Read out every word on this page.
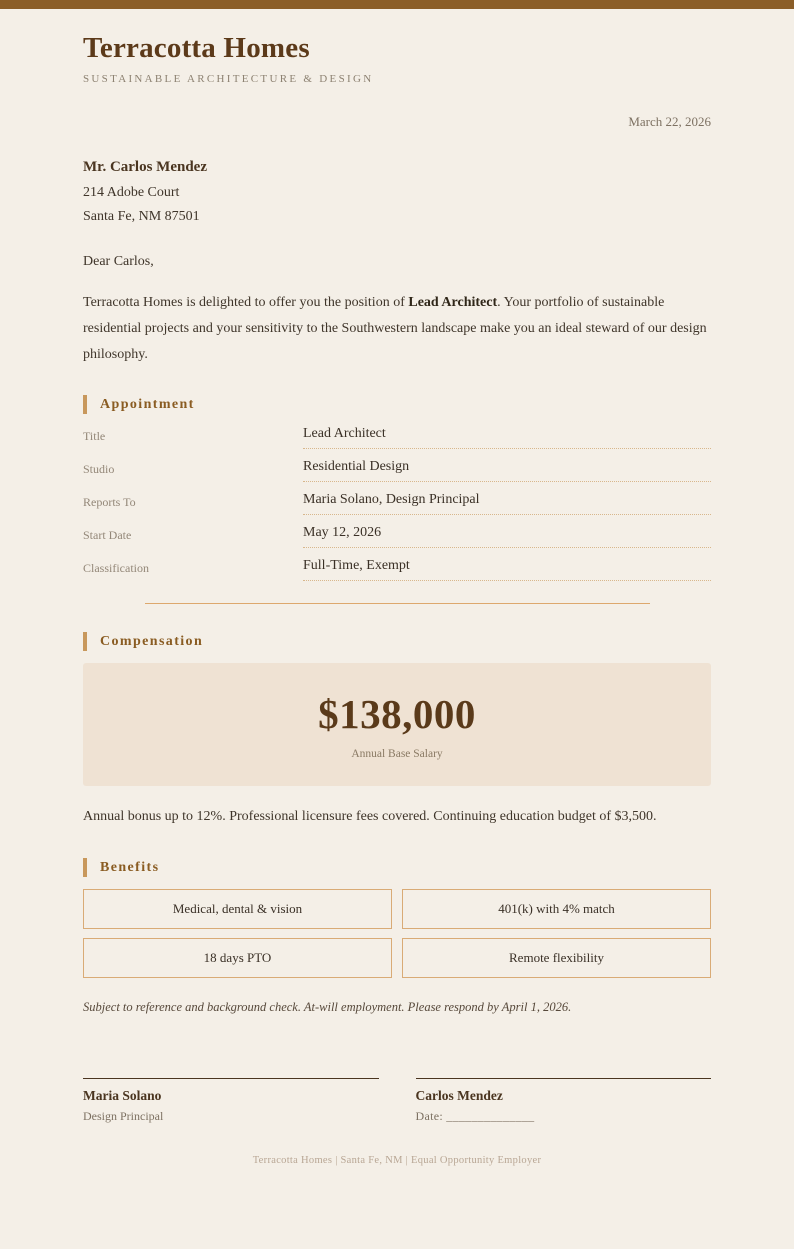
Terracotta Homes
SUSTAINABLE ARCHITECTURE & DESIGN
March 22, 2026
Mr. Carlos Mendez
214 Adobe Court
Santa Fe, NM 87501
Dear Carlos,
Terracotta Homes is delighted to offer you the position of Lead Architect. Your portfolio of sustainable residential projects and your sensitivity to the Southwestern landscape make you an ideal steward of our design philosophy.
Appointment
Title	Lead Architect
Studio	Residential Design
Reports To	Maria Solano, Design Principal
Start Date	May 12, 2026
Classification	Full-Time, Exempt
Compensation
$138,000
Annual Base Salary
Annual bonus up to 12%. Professional licensure fees covered. Continuing education budget of $3,500.
Benefits
Medical, dental & vision	401(k) with 4% match
18 days PTO	Remote flexibility
Subject to reference and background check. At-will employment. Please respond by April 1, 2026.
Maria Solano
Design Principal
Carlos Mendez
Date: ______________
Terracotta Homes | Santa Fe, NM | Equal Opportunity Employer
